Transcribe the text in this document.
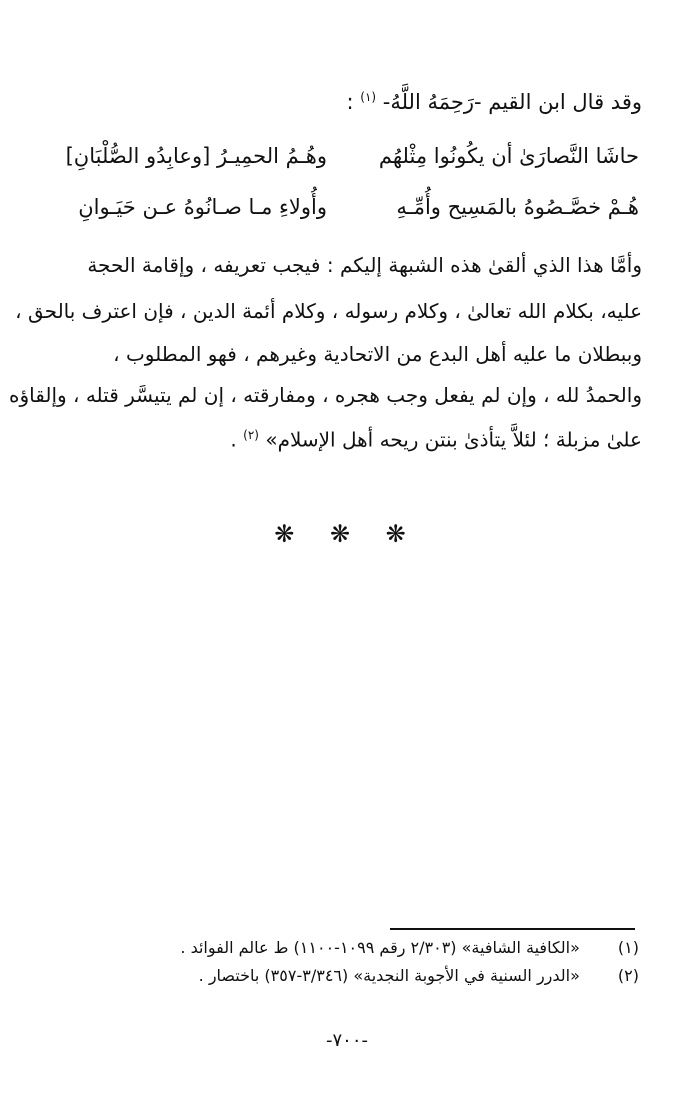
وقد قال ابن القيم -رَحِمَهُ اللَّهُ- $^{(١)}$ :
حاشَا النَّصارَىٰ أن يكُونُوا مِثْلهُم
وهُـمُ الحمِيـرُ [وعابِدُو الصُّلْبَانِ]
هُـمْ خصَّـصُوهُ بالمَسِيح وأُمِّـهِ
وأُولاءِ مـا صـانُوهُ عـن حَيَـوانِ
وأمَّا هذا الذي ألقىٰ هذه الشبهة إليكم : فيجب تعريفه ، وإقامة الحجة
عليه، بكلام الله تعالىٰ ، وكلام رسوله ، وكلام أئمة الدين ، فإن اعترف بالحق ،
وببطلان ما عليه أهل البدع من الاتحادية وغيرهم ، فهو المطلوب ،
والحمدُ لله ، وإن لم يفعل وجب هجره ، ومفارقته ، إن لم يتيسَّر قتله ، وإلقاؤه
علىٰ مزبلة ؛ لئلاَّ يتأذىٰ بنتن ريحه أهل الإسلام» $^{(٢)}$ .
❋ ❋ ❋
(١) «الكافية الشافية» (٢/٣٠٣ رقم ١٠٩٩-١١٠٠) ط عالم الفوائد .
(٢) «الدرر السنية في الأجوبة النجدية» (٣/٣٤٦-٣٥٧) باختصار .
-٧٠٠-
